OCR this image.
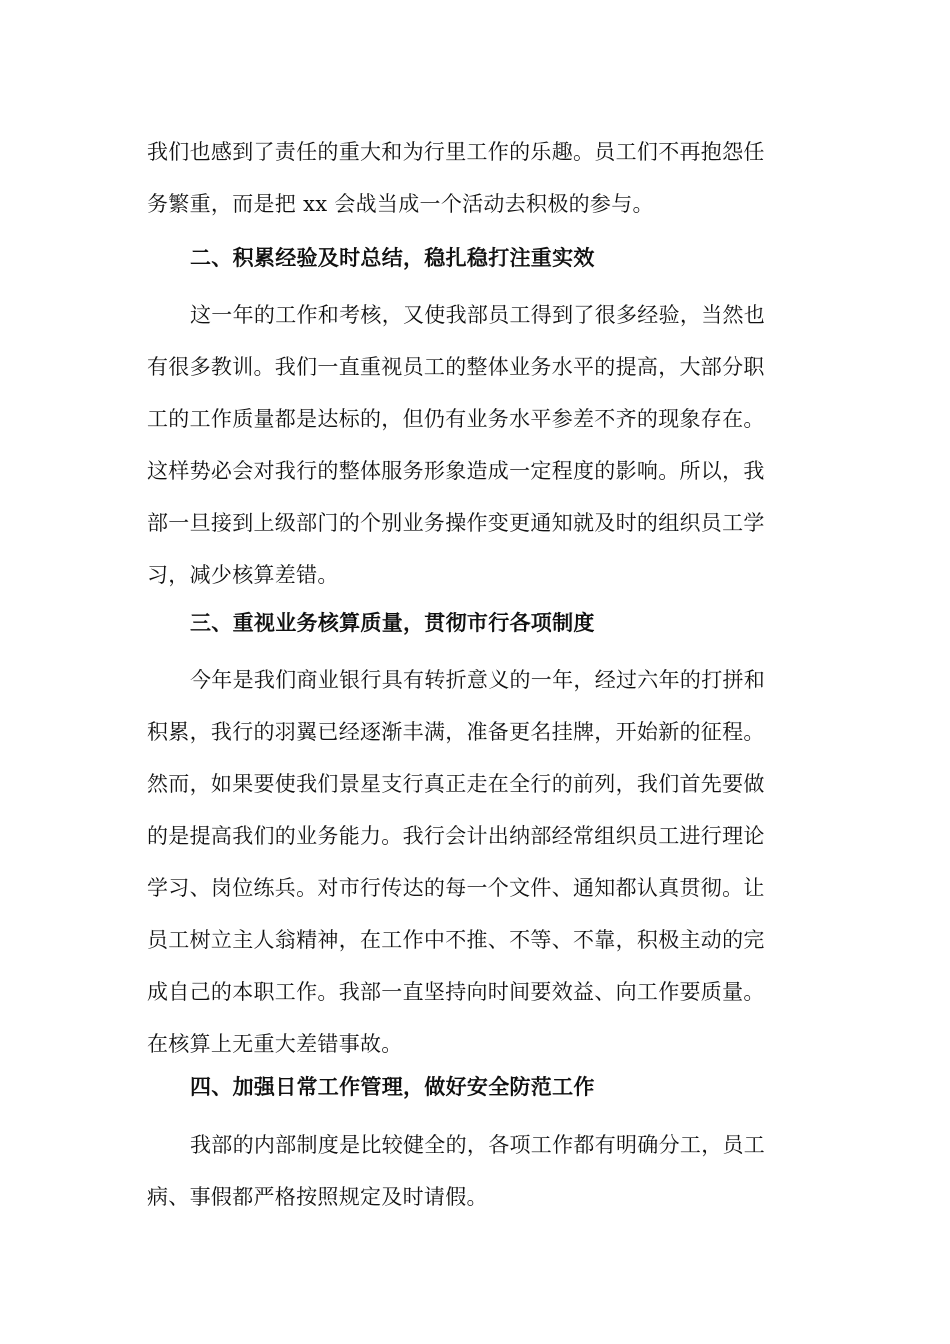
我们也感到了责任的重大和为行里工作的乐趣。员工们不再抱怨任
务繁重，而是把 xx 会战当成一个活动去积极的参与。
二、积累经验及时总结，稳扎稳打注重实效
这一年的工作和考核，又使我部员工得到了很多经验，当然也
有很多教训。我们一直重视员工的整体业务水平的提高，大部分职
工的工作质量都是达标的，但仍有业务水平参差不齐的现象存在。
这样势必会对我行的整体服务形象造成一定程度的影响。所以，我
部一旦接到上级部门的个别业务操作变更通知就及时的组织员工学
习，减少核算差错。
三、重视业务核算质量，贯彻市行各项制度
今年是我们商业银行具有转折意义的一年，经过六年的打拼和
积累，我行的羽翼已经逐渐丰满，准备更名挂牌，开始新的征程。
然而，如果要使我们景星支行真正走在全行的前列，我们首先要做
的是提高我们的业务能力。我行会计出纳部经常组织员工进行理论
学习、岗位练兵。对市行传达的每一个文件、通知都认真贯彻。让
员工树立主人翁精神，在工作中不推、不等、不靠，积极主动的完
成自己的本职工作。我部一直坚持向时间要效益、向工作要质量。
在核算上无重大差错事故。
四、加强日常工作管理，做好安全防范工作
我部的内部制度是比较健全的，各项工作都有明确分工，员工
病、事假都严格按照规定及时请假。
